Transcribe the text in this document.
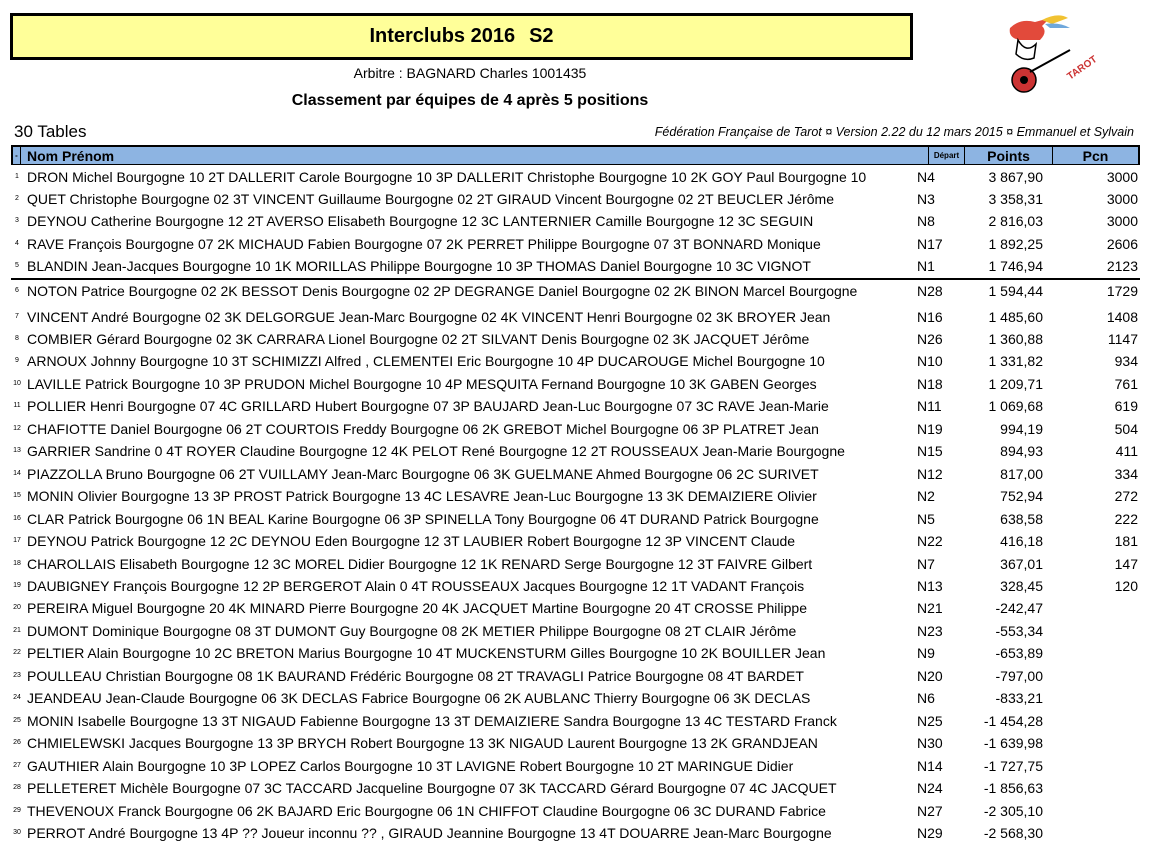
Interclubs 2016 S2
Arbitre : BAGNARD Charles 1001435
Classement par équipes de 4 après 5 positions
30 Tables	Fédération Française de Tarot ¤ Version 2.22 du 12 mars 2015 ¤ Emmanuel et Sylvain
TAROT
- Nom Prénom	Départ	Points	Pcn
1 DRON Michel Bourgogne 10 2T DALLERIT Carole Bourgogne 10 3P DALLERIT Christophe Bourgogne 10 2K GOY Paul Bourgogne 10	N4	3 867,90	3000
2 QUET Christophe Bourgogne 02 3T VINCENT Guillaume Bourgogne 02 2T GIRAUD Vincent Bourgogne 02 2T BEUCLER Jérôme	N3	3 358,31	3000
3 DEYNOU Catherine Bourgogne 12 2T AVERSO Elisabeth Bourgogne 12 3C LANTERNIER Camille Bourgogne 12 3C SEGUIN	N8	2 816,03	3000
4 RAVE François Bourgogne 07 2K MICHAUD Fabien Bourgogne 07 2K PERRET Philippe Bourgogne 07 3T BONNARD Monique	N17	1 892,25	2606
5 BLANDIN Jean-Jacques Bourgogne 10 1K MORILLAS Philippe Bourgogne 10 3P THOMAS Daniel Bourgogne 10 3C VIGNOT	N1	1 746,94	2123
6 NOTON Patrice Bourgogne 02 2K BESSOT Denis Bourgogne 02 2P DEGRANGE Daniel Bourgogne 02 2K BINON Marcel Bourgogne	N28	1 594,44	1729
7 VINCENT André Bourgogne 02 3K DELGORGUE Jean-Marc Bourgogne 02 4K VINCENT Henri Bourgogne 02 3K BROYER Jean	N16	1 485,60	1408
8 COMBIER Gérard Bourgogne 02 3K CARRARA Lionel Bourgogne 02 2T SILVANT Denis Bourgogne 02 3K JACQUET Jérôme	N26	1 360,88	1147
9 ARNOUX Johnny Bourgogne 10 3T SCHIMIZZI Alfred , CLEMENTEI Eric Bourgogne 10 4P DUCAROUGE Michel Bourgogne 10	N10	1 331,82	934
10 LAVILLE Patrick Bourgogne 10 3P PRUDON Michel Bourgogne 10 4P MESQUITA Fernand Bourgogne 10 3K GABEN Georges	N18	1 209,71	761
11 POLLIER Henri Bourgogne 07 4C GRILLARD Hubert Bourgogne 07 3P BAUJARD Jean-Luc Bourgogne 07 3C RAVE Jean-Marie	N11	1 069,68	619
12 CHAFIOTTE Daniel Bourgogne 06 2T COURTOIS Freddy Bourgogne 06 2K GREBOT Michel Bourgogne 06 3P PLATRET Jean	N19	994,19	504
13 GARRIER Sandrine 0 4T ROYER Claudine Bourgogne 12 4K PELOT René Bourgogne 12 2T ROUSSEAUX Jean-Marie Bourgogne	N15	894,93	411
14 PIAZZOLLA Bruno Bourgogne 06 2T VUILLAMY Jean-Marc Bourgogne 06 3K GUELMANE Ahmed Bourgogne 06 2C SURIVET	N12	817,00	334
15 MONIN Olivier Bourgogne 13 3P PROST Patrick Bourgogne 13 4C LESAVRE Jean-Luc Bourgogne 13 3K DEMAIZIERE Olivier	N2	752,94	272
16 CLAR Patrick Bourgogne 06 1N BEAL Karine Bourgogne 06 3P SPINELLA Tony Bourgogne 06 4T DURAND Patrick Bourgogne	N5	638,58	222
17 DEYNOU Patrick Bourgogne 12 2C DEYNOU Eden Bourgogne 12 3T LAUBIER Robert Bourgogne 12 3P VINCENT Claude	N22	416,18	181
18 CHAROLLAIS Elisabeth Bourgogne 12 3C MOREL Didier Bourgogne 12 1K RENARD Serge Bourgogne 12 3T FAIVRE Gilbert	N7	367,01	147
19 DAUBIGNEY François Bourgogne 12 2P BERGEROT Alain 0 4T ROUSSEAUX Jacques Bourgogne 12 1T VADANT François	N13	328,45	120
20 PEREIRA Miguel Bourgogne 20 4K MINARD Pierre Bourgogne 20 4K JACQUET Martine Bourgogne 20 4T CROSSE Philippe	N21	-242,47
21 DUMONT Dominique Bourgogne 08 3T DUMONT Guy Bourgogne 08 2K METIER Philippe Bourgogne 08 2T CLAIR Jérôme	N23	-553,34
22 PELTIER Alain Bourgogne 10 2C BRETON Marius Bourgogne 10 4T MUCKENSTURM Gilles Bourgogne 10 2K BOUILLER Jean	N9	-653,89
23 POULLEAU Christian Bourgogne 08 1K BAURAND Frédéric Bourgogne 08 2T TRAVAGLI Patrice Bourgogne 08 4T BARDET	N20	-797,00
24 JEANDEAU Jean-Claude Bourgogne 06 3K DECLAS Fabrice Bourgogne 06 2K AUBLANC Thierry Bourgogne 06 3K DECLAS	N6	-833,21
25 MONIN Isabelle Bourgogne 13 3T NIGAUD Fabienne Bourgogne 13 3T DEMAIZIERE Sandra Bourgogne 13 4C TESTARD Franck	N25	-1 454,28
26 CHMIELEWSKI Jacques Bourgogne 13 3P BRYCH Robert Bourgogne 13 3K NIGAUD Laurent Bourgogne 13 2K GRANDJEAN	N30	-1 639,98
27 GAUTHIER Alain Bourgogne 10 3P LOPEZ Carlos Bourgogne 10 3T LAVIGNE Robert Bourgogne 10 2T MARINGUE Didier	N14	-1 727,75
28 PELLETERET Michèle Bourgogne 07 3C TACCARD Jacqueline Bourgogne 07 3K TACCARD Gérard Bourgogne 07 4C JACQUET	N24	-1 856,63
29 THEVENOUX Franck Bourgogne 06 2K BAJARD Eric Bourgogne 06 1N CHIFFOT Claudine Bourgogne 06 3C DURAND Fabrice	N27	-2 305,10
30 PERROT André Bourgogne 13 4P ?? Joueur inconnu ?? , GIRAUD Jeannine Bourgogne 13 4T DOUARRE Jean-Marc Bourgogne	N29	-2 568,30
